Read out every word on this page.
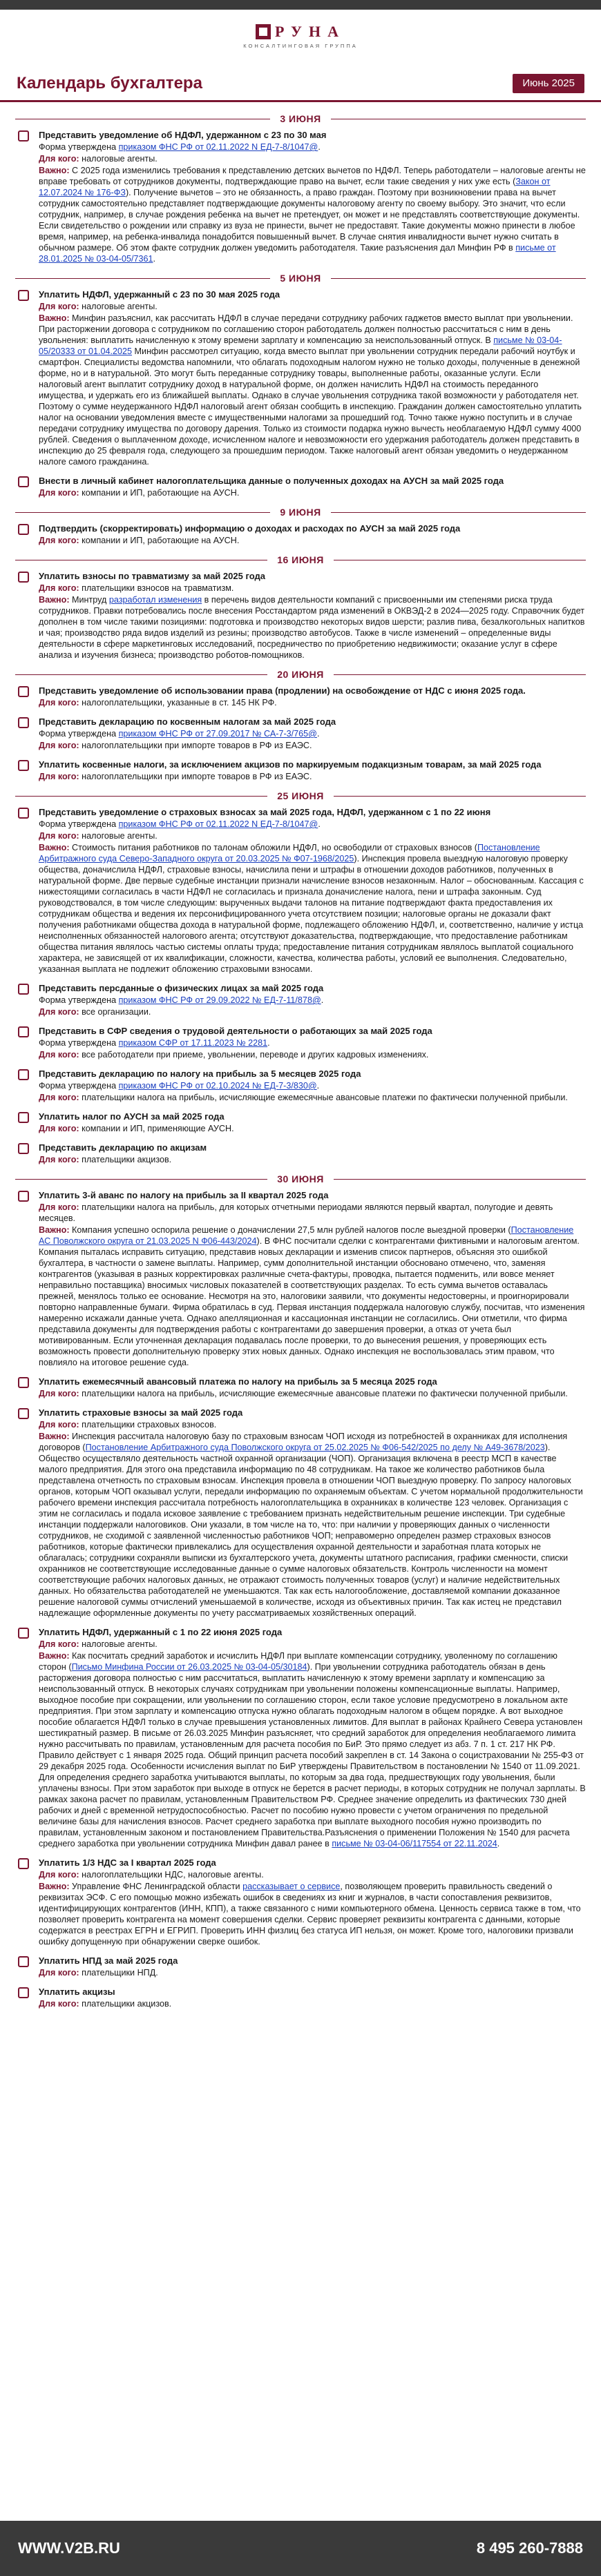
РУНА
КОНСАЛТИНГОВАЯ ГРУППА
Календарь бухгалтера	Июнь 2025
3 ИЮНЯ
Представить уведомление об НДФЛ, удержанном с 23 по 30 мая
Форма утверждена приказом ФНС РФ от 02.11.2022 N ЕД-7-8/1047@.
Для кого: налоговые агенты.
Важно: С 2025 года изменились требования к представлению детских вычетов по НДФЛ. Теперь работодатели – налоговые агенты не вправе требовать от сотрудников документы, подтверждающие право на вычет, если такие сведения у них уже есть (Закон от 12.07.2024 № 176-ФЗ). Получение вычетов – это не обязанность, а право граждан. Поэтому при возникновении права на вычет сотрудник самостоятельно представляет подтверждающие документы налоговому агенту по своему выбору. Это значит, что если сотрудник, например, в случае рождения ребенка на вычет не претендует, он может и не представлять соответствующие документы. Если свидетельство о рождении или справку из вуза не принести, вычет не предоставят. Такие документы можно принести в любое время, например, на ребенка-инвалида понадобится повышенный вычет. В случае снятия инвалидности вычет нужно считать в обычном размере. Об этом факте сотрудник должен уведомить работодателя. Такие разъяснения дал Минфин РФ в письме от 28.01.2025 № 03-04-05/7361.
5 ИЮНЯ
Уплатить НДФЛ, удержанный с 23 по 30 мая 2025 года
Для кого: налоговые агенты.
Важно: Минфин разъяснил, как рассчитать НДФЛ в случае передачи сотруднику рабочих гаджетов вместо выплат при увольнении. При расторжении договора с сотрудником по соглашению сторон работодатель должен полностью рассчитаться с ним в день увольнения: выплатить начисленную к этому времени зарплату и компенсацию за неиспользованный отпуск. В письме № 03-04-05/20333 от 01.04.2025 Минфин рассмотрел ситуацию, когда вместо выплат при увольнении сотрудник передали рабочий ноутбук и смартфон. Специалисты ведомства напомнили, что облагать подоходным налогом нужно не только доходы, полученные в денежной форме, но и в натуральной. Это могут быть переданные сотруднику товары, выполненные работы, оказанные услуги. Если налоговый агент выплатит сотруднику доход в натуральной форме, он должен начислить НДФЛ на стоимость переданного имущества, и удержать его из ближайшей выплаты. Однако в случае увольнения сотрудника такой возможности у работодателя нет. Поэтому о сумме неудержанного НДФЛ налоговый агент обязан сообщить в инспекцию. Гражданин должен самостоятельно уплатить налог на основании уведомления вместе с имущественными налогами за прошедший год. Точно также нужно поступить и в случае передачи сотруднику имущества по договору дарения. Только из стоимости подарка нужно вычесть необлагаемую НДФЛ сумму 4000 рублей. Сведения о выплаченном доходе, исчисленном налоге и невозможности его удержания работодатель должен представить в инспекцию до 25 февраля года, следующего за прошедшим периодом. Также налоговый агент обязан уведомить о неудержанном налоге самого гражданина.
Внести в личный кабинет налогоплательщика данные о полученных доходах на АУСН за май 2025 года
Для кого: компании и ИП, работающие на АУСН.
9 ИЮНЯ
Подтвердить (скорректировать) информацию о доходах и расходах по АУСН за май 2025 года
Для кого: компании и ИП, работающие на АУСН.
16 ИЮНЯ
Уплатить взносы по травматизму за май 2025 года
Для кого: плательщики взносов на травматизм.
Важно: Минтруд разработал изменения в перечень видов деятельности компаний с присвоенными им степенями риска труда сотрудников. Правки потребовались после внесения Росстандартом ряда изменений в ОКВЭД-2 в 2024—2025 году. Справочник будет дополнен в том числе такими позициями: подготовка и производство некоторых видов шерсти; разлив пива, безалкогольных напитков и чая; производство ряда видов изделий из резины; производство автобусов. Также в числе изменений – определенные виды деятельности в сфере маркетинговых исследований, посредничество по приобретению недвижимости; оказание услуг в сфере анализа и изучения бизнеса; производство роботов-помощников.
20 ИЮНЯ
Представить уведомление об использовании права (продлении) на освобождение от НДС с июня 2025 года.
Для кого: налогоплательщики, указанные в ст. 145 НК РФ.
Представить декларацию по косвенным налогам за май 2025 года
Форма утверждена приказом ФНС РФ от 27.09.2017 № СА-7-3/765@.
Для кого: налогоплательщики при импорте товаров в РФ из ЕАЭС.
Уплатить косвенные налоги, за исключением акцизов по маркируемым подакцизным товарам, за май 2025 года
Для кого: налогоплательщики при импорте товаров в РФ из ЕАЭС.
25 ИЮНЯ
Представить уведомление о страховых взносах за май 2025 года, НДФЛ, удержанном с 1 по 22 июня
Форма утверждена приказом ФНС РФ от 02.11.2022 N ЕД-7-8/1047@.
Для кого: налоговые агенты.
Важно: Стоимость питания работников по талонам обложили НДФЛ, но освободили от страховых взносов (Постановление Арбитражного суда Северо-Западного округа от 20.03.2025 № Ф07-1968/2025). Инспекция провела выездную налоговую проверку общества, доначислила НДФЛ, страховые взносы, начислила пени и штрафы в отношении доходов работников, полученных в натуральной форме. Две первые судебные инстанции признали начисление взносов незаконным. Налог – обоснованным. Кассация с нижестоящими согласилась в части НДФЛ не согласилась и признала доначисление налога, пени и штрафа законным. Суд руководствовался, в том числе следующим: вырученных выдачи талонов на питание подтверждают факта предоставления их сотрудникам общества и ведения их персонифицированного учета отсутствием позиции; налоговые органы не доказали факт получения работниками общества дохода в натуральной форме, подлежащего обложению НДФЛ, и, соответственно, наличие у истца неисполненных обязанностей налогового агента; отсутствуют доказательства, подтверждающие, что предоставление работникам общества питания являлось частью системы оплаты труда; предоставление питания сотрудникам являлось выплатой социального характера, не зависящей от их квалификации, сложности, качества, количества работы, условий ее выполнения. Следовательно, указанная выплата не подлежит обложению страховыми взносами.
Представить персданные о физических лицах за май 2025 года
Форма утверждена приказом ФНС РФ от 29.09.2022 № ЕД-7-11/878@.
Для кого: все организации.
Представить в СФР сведения о трудовой деятельности о работающих за май 2025 года
Форма утверждена приказом СФР от 17.11.2023 № 2281.
Для кого: все работодатели при приеме, увольнении, переводе и других кадровых изменениях.
Представить декларацию по налогу на прибыль за 5 месяцев 2025 года
Форма утверждена приказом ФНС РФ от 02.10.2024 № ЕД-7-3/830@.
Для кого: плательщики налога на прибыль, исчисляющие ежемесячные авансовые платежи по фактически полученной прибыли.
Уплатить налог по АУСН за май 2025 года
Для кого: компании и ИП, применяющие АУСН.
Представить декларацию по акцизам
Для кого: плательщики акцизов.
30 ИЮНЯ
Уплатить 3-й аванс по налогу на прибыль за II квартал 2025 года
Для кого: плательщики налога на прибыль, для которых отчетными периодами являются первый квартал, полугодие и девять месяцев.
Важно: Компания успешно оспорила решение о доначислении 27,5 млн рублей налогов после выездной проверки (Постановление АС Поволжского округа от 21.03.2025 N Ф06-443/2024). В ФНС посчитали сделки с контрагентами фиктивными и налоговым агентом. Компания пыталась исправить ситуацию, представив новых декларации и изменив список партнеров, объясняя это ошибкой бухгалтера, в частности о замене выплаты. Например, сумм дополнительной инстанции обосновано отмечено, что, заменяя контрагентов (указывая в разных корректировках различные счета-фактуры, проводка, пытается подменить, или вовсе меняет неправильно поставщика) вносимых числовых показателей в соответствующих разделах. То есть сумма вычетов оставалась прежней, менялось только ее основание. Несмотря на это, налоговики заявили, что документы недостоверны, и проигнорировали повторно направленные бумаги. Фирма обратилась в суд. Первая инстанция поддержала налоговую службу, посчитав, что изменения намеренно искажали данные учета. Однако апелляционная и кассационная инстанции не согласились. Они отметили, что фирма представила документы для подтверждения работы с контрагентами до завершения проверки, а отказ от учета был мотивированным. Если уточненная декларация подавалась после проверки, то до вынесения решения, у проверяющих есть возможность провести дополнительную проверку этих новых данных. Однако инспекция не воспользовалась этим правом, что повлияло на итоговое решение суда.
Уплатить ежемесячный авансовый платежа по налогу на прибыль за 5 месяца 2025 года
Для кого: плательщики налога на прибыль, исчисляющие ежемесячные авансовые платежи по фактически полученной прибыли.
Уплатить страховые взносы за май 2025 года
Для кого: плательщики страховых взносов.
Важно: Инспекция рассчитала налоговую базу по страховым взносам ЧОП исходя из потребностей в охранниках для исполнения договоров (Постановление Арбитражного суда Поволжского округа от 25.02.2025 № Ф06-542/2025 по делу № А49-3678/2023). Общество осуществляло деятельность частной охранной организации (ЧОП). Организация включена в реестр МСП в качестве малого предприятия. Для этого она представила информацию по 48 сотрудникам. На такое же количество работников была представлена отчетность по страховым взносам. Инспекция провела в отношении ЧОП выездную проверку. По запросу налоговых органов, которым ЧОП оказывал услуги, передали информацию по охраняемым объектам. С учетом нормальной продолжительности рабочего времени инспекция рассчитала потребность налогоплательщика в охранниках в количестве 123 человек. Организация с этим не согласилась и подала исковое заявление с требованием признать недействительным решение инспекции. Три судебные инстанции поддержали налоговиков. Они указали, в том числе на то, что: при наличии у проверяющих данных о численности сотрудников, не сходимой с заявленной численностью работников ЧОП; неправомерно определен размер страховых взносов работников, которые фактически привлекались для осуществления охранной деятельности и заработная плата которых не облагалась; сотрудники сохраняли выписки из бухгалтерского учета, документы штатного расписания, графики сменности, списки охранников не соответствующие исследованные данные о сумме налоговых обязательств. Контроль численности на момент соответствующие рабочих налоговых данных, не отражают стоимость полученных товаров (услуг) и наличие недействительных данных. Но обязательства работодателей не уменьшаются. Так как есть налогообложение, доставляемой компании доказанное решение налоговой суммы отчислений уменьшаемой в количестве, исходя из объективных причин. Так как истец не представил надлежащие оформленные документы по учету рассматриваемых хозяйственных операций.
Уплатить НДФЛ, удержанный с 1 по 22 июня 2025 года
Для кого: налоговые агенты.
Важно: Как посчитать средний заработок и исчислить НДФЛ при выплате компенсации сотруднику, уволенному по соглашению сторон (Письмо Минфина России от 26.03.2025 № 03-04-05/30184). При увольнении сотрудника работодатель обязан в день расторжения договора полностью с ним рассчитаться, выплатить начисленную к этому времени зарплату и компенсацию за неиспользованный отпуск. В некоторых случаях сотрудникам при увольнении положены компенсационные выплаты. Например, выходное пособие при сокращении, или увольнении по соглашению сторон, если такое условие предусмотрено в локальном акте предприятия. При этом зарплату и компенсацию отпуска нужно облагать подоходным налогом в общем порядке. А вот выходное пособие облагается НДФЛ только в случае превышения установленных лимитов. Для выплат в районах Крайнего Севера установлен шестикратный размер. В письме от 26.03.2025 Минфин разъясняет, что средний заработок для определения необлагаемого лимита нужно рассчитывать по правилам, установленным для расчета пособия по БиР. Это прямо следует из абз. 7 п. 1 ст. 217 НК РФ. Правило действует с 1 января 2025 года. Общий принцип расчета пособий закреплен в ст. 14 Закона о социстраховании № 255-ФЗ от 29 декабря 2025 года. Особенности исчисления выплат по БиР утверждены Правительством в постановлении № 1540 от 11.09.2021. Для определения среднего заработка учитываются выплаты, по которым за два года, предшествующих году увольнения, были уплачены взносы. При этом заработок при выходе в отпуск не берется в расчет периоды, в которых сотрудник не получал зарплаты. В рамках закона расчет по правилам, установленным Правительством РФ. Среднее значение определить из фактических 730 дней рабочих и дней с временной нетрудоспособностью. Расчет по пособию нужно провести с учетом ограничения по предельной величине базы для начисления взносов. Расчет среднего заработка при выплате выходного пособия нужно производить по правилам, установленным законом и постановлением Правительства.Разъяснения о применении Положения № 1540 для расчета среднего заработка при увольнении сотрудника Минфин давал ранее в письме № 03-04-06/117554 от 22.11.2024.
Уплатить 1/3 НДС за I квартал 2025 года
Для кого: налогоплательщики НДС, налоговые агенты.
Важно: Управление ФНС Ленинградской области рассказывает о сервисе, позволяющем проверить правильность сведений о реквизитах ЭСФ. С его помощью можно избежать ошибок в сведениях из книг и журналов, в части сопоставления реквизитов, идентифицирующих контрагентов (ИНН, КПП), а также связанного с ними компьютерного обмена. Ценность сервиса также в том, что позволяет проверить контрагента на момент совершения сделки. Сервис проверяет реквизиты контрагента с данными, которые содержатся в реестрах ЕГРН и ЕГРИП. Проверить ИНН физлиц без статуса ИП нельзя, он может. Кроме того, налоговики призвали ошибку допущенную при обнаружении сверке ошибок.
Уплатить НПД за май 2025 года
Для кого: плательщики НПД.
Уплатить акцизы
Для кого: плательщики акцизов.
WWW.V2B.RU	8 495 260-7888
